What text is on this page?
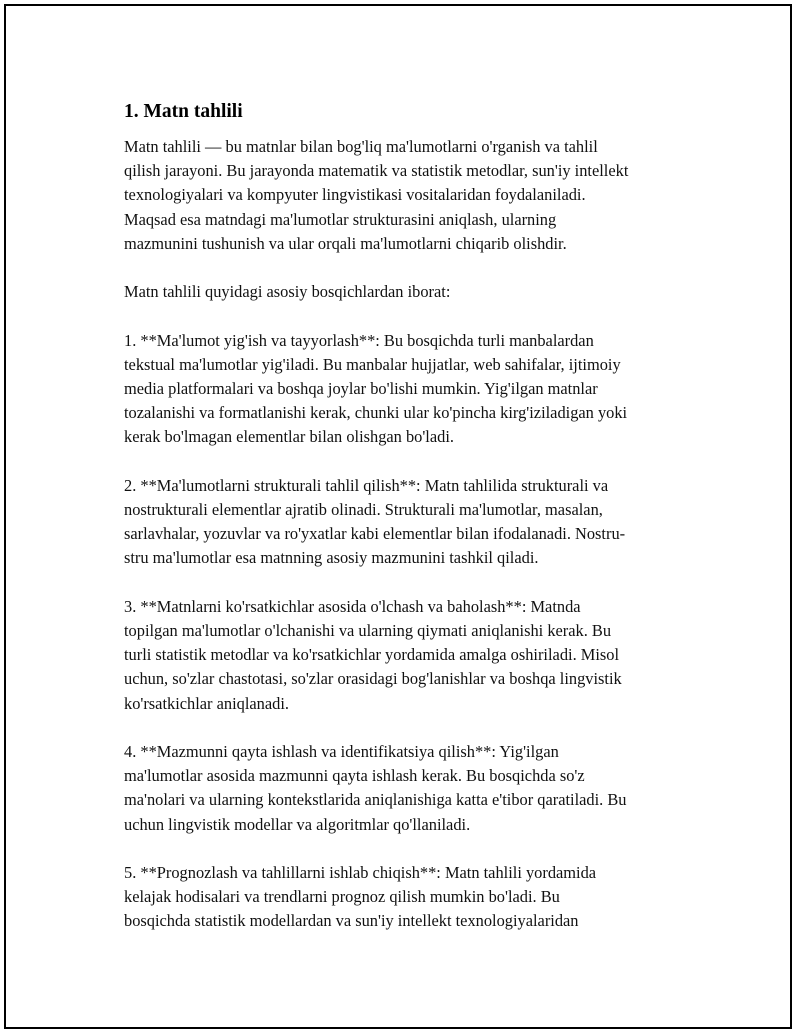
1. Matn tahlili

Matn tahlili — bu matnlar bilan bog'liq ma'lumotlarni o'rganish va tahlil
qilish jarayoni. Bu jarayonda matematik va statistik metodlar, sun'iy intellekt
texnologiyalari va kompyuter lingvistikasi vositalaridan foydalaniladi.
Maqsad esa matndagi ma'lumotlar strukturasini aniqlash, ularning
mazmunini tushunish va ular orqali ma'lumotlarni chiqarib olishdir.

Matn tahlili quyidagi asosiy bosqichlardan iborat:

1. **Ma'lumot yig'ish va tayyorlash**: Bu bosqichda turli manbalardan
tekstual ma'lumotlar yig'iladi. Bu manbalar hujjatlar, web sahifalar, ijtimoiy
media platformalari va boshqa joylar bo'lishi mumkin. Yig'ilgan matnlar
tozalanishi va formatlanishi kerak, chunki ular ko'pincha kirg'iziladigan yoki
kerak bo'lmagan elementlar bilan olishgan bo'ladi.

2. **Ma'lumotlarni strukturali tahlil qilish**: Matn tahlilida strukturali va
nostrukturali elementlar ajratib olinadi. Strukturali ma'lumotlar, masalan,
sarlavhalar, yozuvlar va ro'yxatlar kabi elementlar bilan ifodalanadi. Nostru-
stru ma'lumotlar esa matnning asosiy mazmunini tashkil qiladi.

3. **Matnlarni ko'rsatkichlar asosida o'lchash va baholash**: Matnda
topilgan ma'lumotlar o'lchanishi va ularning qiymati aniqlanishi kerak. Bu
turli statistik metodlar va ko'rsatkichlar yordamida amalga oshiriladi. Misol
uchun, so'zlar chastotasi, so'zlar orasidagi bog'lanishlar va boshqa lingvistik
ko'rsatkichlar aniqlanadi.

4. **Mazmunni qayta ishlash va identifikatsiya qilish**: Yig'ilgan
ma'lumotlar asosida mazmunni qayta ishlash kerak. Bu bosqichda so'z
ma'nolari va ularning kontekstlarida aniqlanishiga katta e'tibor qaratiladi. Bu
uchun lingvistik modellar va algoritmlar qo'llaniladi.

5. **Prognozlash va tahlillarni ishlab chiqish**: Matn tahlili yordamida
kelajak hodisalari va trendlarni prognoz qilish mumkin bo'ladi. Bu
bosqichda statistik modellardan va sun'iy intellekt texnologiyalaridan
